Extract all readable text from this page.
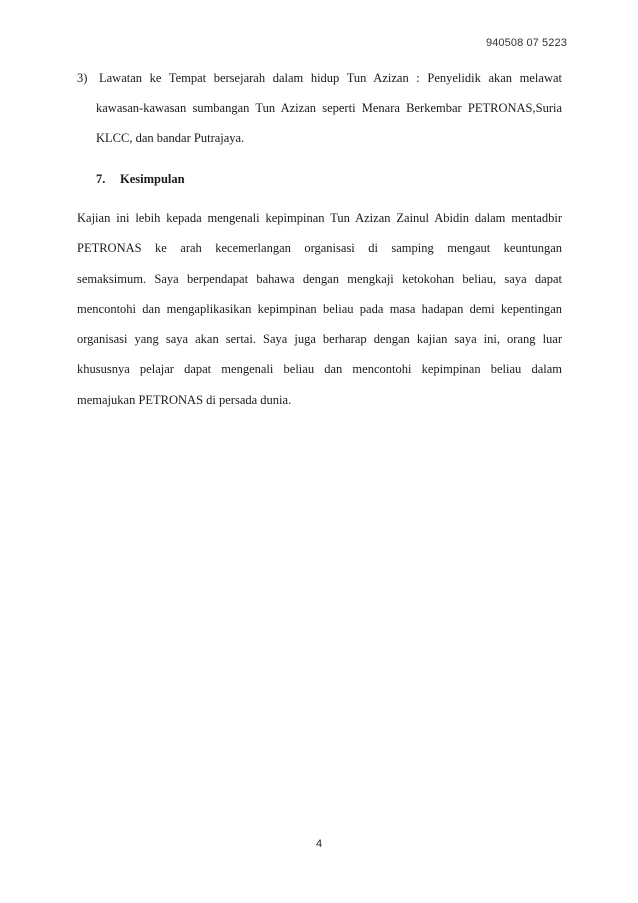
940508 07 5223
3) Lawatan ke Tempat bersejarah dalam hidup Tun Azizan : Penyelidik akan melawat
kawasan-kawasan sumbangan Tun Azizan seperti Menara Berkembar PETRONAS,Suria
KLCC, dan bandar Putrajaya.
7. Kesimpulan
Kajian ini lebih kepada mengenali kepimpinan Tun Azizan Zainul Abidin dalam mentadbir
PETRONAS ke arah kecemerlangan organisasi di samping mengaut keuntungan
semaksimum. Saya berpendapat bahawa dengan mengkaji ketokohan beliau, saya dapat
mencontohi dan mengaplikasikan kepimpinan beliau pada masa hadapan demi kepentingan
organisasi yang saya akan sertai. Saya juga berharap dengan kajian saya ini, orang luar
khususnya pelajar dapat mengenali beliau dan mencontohi kepimpinan beliau dalam
memajukan PETRONAS di persada dunia.
4
